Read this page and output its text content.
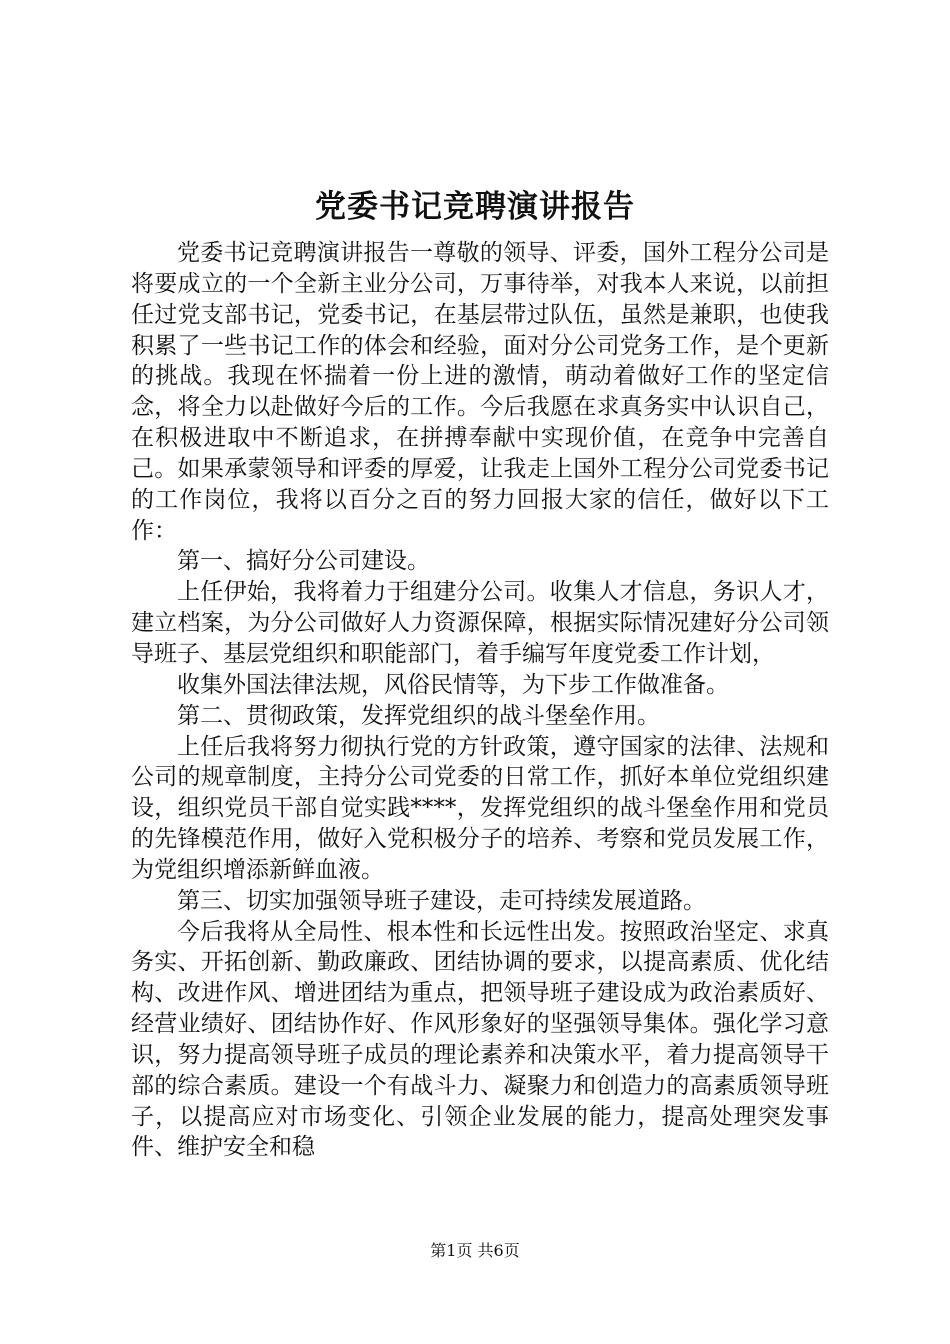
党委书记竞聘演讲报告

党委书记竞聘演讲报告一尊敬的领导、评委，国外工程分公司是将要成立的一个全新主业分公司，万事待举，对我本人来说，以前担任过党支部书记，党委书记，在基层带过队伍，虽然是兼职，也使我积累了一些书记工作的体会和经验，面对分公司党务工作，是个更新的挑战。我现在怀揣着一份上进的激情，萌动着做好工作的坚定信念，将全力以赴做好今后的工作。今后我愿在求真务实中认识自己，在积极进取中不断追求，在拼搏奉献中实现价值，在竞争中完善自己。如果承蒙领导和评委的厚爱，让我走上国外工程分公司党委书记的工作岗位，我将以百分之百的努力回报大家的信任，做好以下工作：

第一、搞好分公司建设。

上任伊始，我将着力于组建分公司。收集人才信息，务识人才，建立档案，为分公司做好人力资源保障，根据实际情况建好分公司领导班子、基层党组织和职能部门，着手编写年度党委工作计划，

收集外国法律法规，风俗民情等，为下步工作做准备。

第二、贯彻政策，发挥党组织的战斗堡垒作用。

上任后我将努力彻执行党的方针政策，遵守国家的法律、法规和公司的规章制度，主持分公司党委的日常工作，抓好本单位党组织建设，组织党员干部自觉实践****，发挥党组织的战斗堡垒作用和党员的先锋模范作用，做好入党积极分子的培养、考察和党员发展工作，为党组织增添新鲜血液。

第三、切实加强领导班子建设，走可持续发展道路。

今后我将从全局性、根本性和长远性出发。按照政治坚定、求真务实、开拓创新、勤政廉政、团结协调的要求，以提高素质、优化结构、改进作风、增进团结为重点，把领导班子建设成为政治素质好、经营业绩好、团结协作好、作风形象好的坚强领导集体。强化学习意识，努力提高领导班子成员的理论素养和决策水平，着力提高领导干部的综合素质。建设一个有战斗力、凝聚力和创造力的高素质领导班子，以提高应对市场变化、引领企业发展的能力，提高处理突发事件、维护安全和稳

第1页 共6页
